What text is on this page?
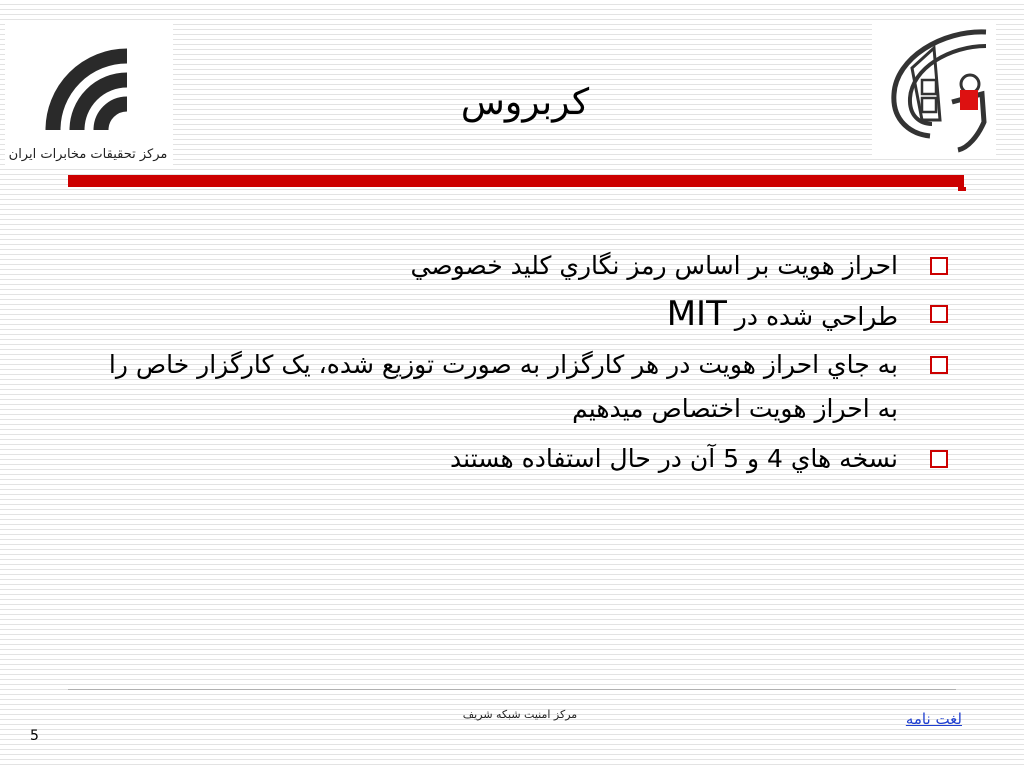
مرکز تحقیقات مخابرات ایران
كربروس
احراز هويت بر اساس رمز نگاري کليد خصوصي
طراحي شده در MIT
به جاي احراز هويت در هر کارگزار به صورت توزيع شده، يک کارگزار خاص را به احراز هويت اختصاص ميدهيم
نسخه هاي 4 و 5 آن در حال استفاده هستند
مرکز امنیت شبکه شریف	لغت نامه
5
